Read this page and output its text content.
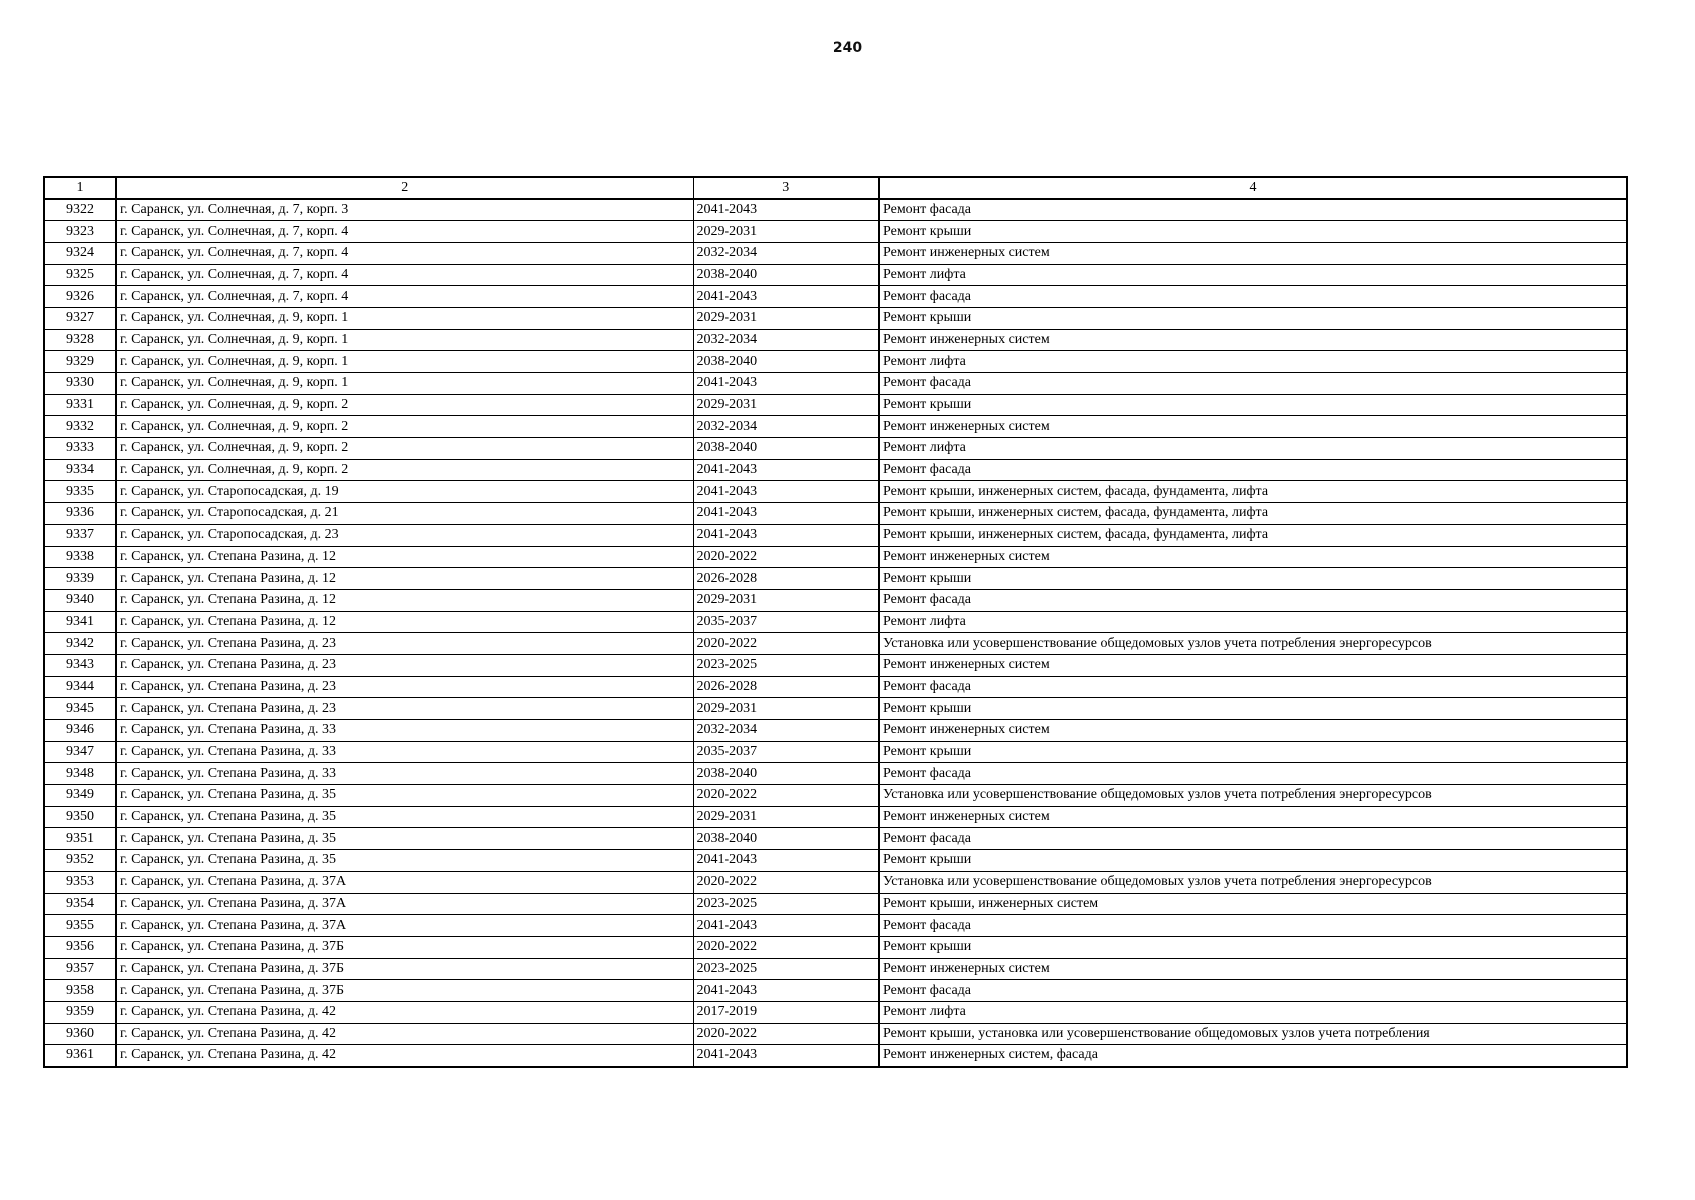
240
1	2	3	4
9322	г. Саранск, ул. Солнечная, д. 7, корп. 3	2041-2043	Ремонт фасада
9323	г. Саранск, ул. Солнечная, д. 7, корп. 4	2029-2031	Ремонт крыши
9324	г. Саранск, ул. Солнечная, д. 7, корп. 4	2032-2034	Ремонт инженерных систем
9325	г. Саранск, ул. Солнечная, д. 7, корп. 4	2038-2040	Ремонт лифта
9326	г. Саранск, ул. Солнечная, д. 7, корп. 4	2041-2043	Ремонт фасада
9327	г. Саранск, ул. Солнечная, д. 9, корп. 1	2029-2031	Ремонт крыши
9328	г. Саранск, ул. Солнечная, д. 9, корп. 1	2032-2034	Ремонт инженерных систем
9329	г. Саранск, ул. Солнечная, д. 9, корп. 1	2038-2040	Ремонт лифта
9330	г. Саранск, ул. Солнечная, д. 9, корп. 1	2041-2043	Ремонт фасада
9331	г. Саранск, ул. Солнечная, д. 9, корп. 2	2029-2031	Ремонт крыши
9332	г. Саранск, ул. Солнечная, д. 9, корп. 2	2032-2034	Ремонт инженерных систем
9333	г. Саранск, ул. Солнечная, д. 9, корп. 2	2038-2040	Ремонт лифта
9334	г. Саранск, ул. Солнечная, д. 9, корп. 2	2041-2043	Ремонт фасада
9335	г. Саранск, ул. Старопосадская, д. 19	2041-2043	Ремонт крыши, инженерных систем, фасада, фундамента, лифта
9336	г. Саранск, ул. Старопосадская, д. 21	2041-2043	Ремонт крыши, инженерных систем, фасада, фундамента, лифта
9337	г. Саранск, ул. Старопосадская, д. 23	2041-2043	Ремонт крыши, инженерных систем, фасада, фундамента, лифта
9338	г. Саранск, ул. Степана Разина, д. 12	2020-2022	Ремонт инженерных систем
9339	г. Саранск, ул. Степана Разина, д. 12	2026-2028	Ремонт крыши
9340	г. Саранск, ул. Степана Разина, д. 12	2029-2031	Ремонт фасада
9341	г. Саранск, ул. Степана Разина, д. 12	2035-2037	Ремонт лифта
9342	г. Саранск, ул. Степана Разина, д. 23	2020-2022	Установка или усовершенствование общедомовых узлов учета потребления энергоресурсов
9343	г. Саранск, ул. Степана Разина, д. 23	2023-2025	Ремонт инженерных систем
9344	г. Саранск, ул. Степана Разина, д. 23	2026-2028	Ремонт фасада
9345	г. Саранск, ул. Степана Разина, д. 23	2029-2031	Ремонт крыши
9346	г. Саранск, ул. Степана Разина, д. 33	2032-2034	Ремонт инженерных систем
9347	г. Саранск, ул. Степана Разина, д. 33	2035-2037	Ремонт крыши
9348	г. Саранск, ул. Степана Разина, д. 33	2038-2040	Ремонт фасада
9349	г. Саранск, ул. Степана Разина, д. 35	2020-2022	Установка или усовершенствование общедомовых узлов учета потребления энергоресурсов
9350	г. Саранск, ул. Степана Разина, д. 35	2029-2031	Ремонт инженерных систем
9351	г. Саранск, ул. Степана Разина, д. 35	2038-2040	Ремонт фасада
9352	г. Саранск, ул. Степана Разина, д. 35	2041-2043	Ремонт крыши
9353	г. Саранск, ул. Степана Разина, д. 37А	2020-2022	Установка или усовершенствование общедомовых узлов учета потребления энергоресурсов
9354	г. Саранск, ул. Степана Разина, д. 37А	2023-2025	Ремонт крыши, инженерных систем
9355	г. Саранск, ул. Степана Разина, д. 37А	2041-2043	Ремонт фасада
9356	г. Саранск, ул. Степана Разина, д. 37Б	2020-2022	Ремонт крыши
9357	г. Саранск, ул. Степана Разина, д. 37Б	2023-2025	Ремонт инженерных систем
9358	г. Саранск, ул. Степана Разина, д. 37Б	2041-2043	Ремонт фасада
9359	г. Саранск, ул. Степана Разина, д. 42	2017-2019	Ремонт лифта
9360	г. Саранск, ул. Степана Разина, д. 42	2020-2022	Ремонт крыши, установка или усовершенствование общедомовых узлов учета потребления
9361	г. Саранск, ул. Степана Разина, д. 42	2041-2043	Ремонт инженерных систем, фасада
